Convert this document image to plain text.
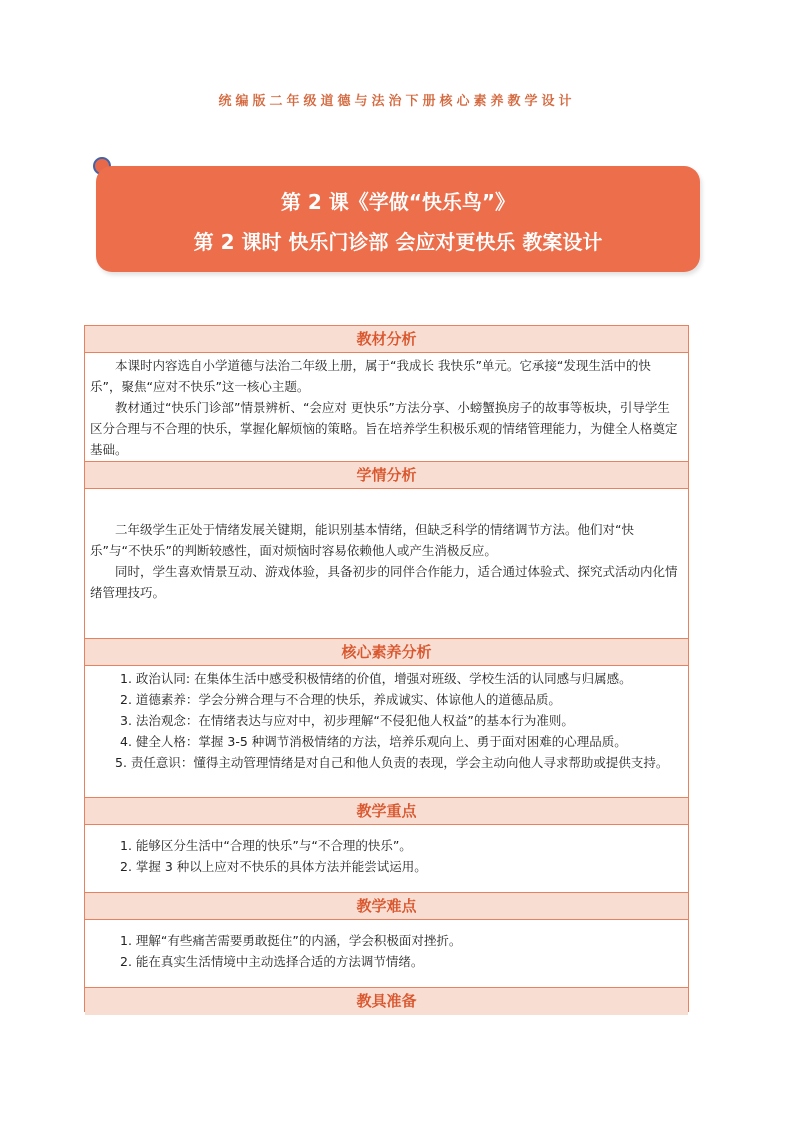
统编版二年级道德与法治下册核心素养教学设计
第 2 课《学做“快乐鸟”》
第 2 课时 快乐门诊部 会应对更快乐 教案设计
教材分析

本课时内容选自小学道德与法治二年级上册，属于“我成长 我快乐”单元。它承接“发现生活中的快乐”，聚焦“应对不快乐”这一核心主题。

教材通过“快乐门诊部”情景辨析、“会应对 更快乐”方法分享、小螃蟹换房子的故事等板块，引导学生区分合理与不合理的快乐，掌握化解烦恼的策略。旨在培养学生积极乐观的情绪管理能力，为健全人格奠定基础。

学情分析

二年级学生正处于情绪发展关键期，能识别基本情绪，但缺乏科学的情绪调节方法。他们对“快乐”与“不快乐”的判断较感性，面对烦恼时容易依赖他人或产生消极反应。

同时，学生喜欢情景互动、游戏体验，具备初步的同伴合作能力，适合通过体验式、探究式活动内化情绪管理技巧。

核心素养分析

1. 政治认同: 在集体生活中感受积极情绪的价值，增强对班级、学校生活的认同感与归属感。

2. 道德素养：学会分辨合理与不合理的快乐，养成诚实、体谅他人的道德品质。

3. 法治观念：在情绪表达与应对中，初步理解“不侵犯他人权益”的基本行为准则。

4. 健全人格：掌握 3-5 种调节消极情绪的方法，培养乐观向上、勇于面对困难的心理品质。

5. 责任意识：懂得主动管理情绪是对自己和他人负责的表现，学会主动向他人寻求帮助或提供支持。

教学重点

1. 能够区分生活中“合理的快乐”与“不合理的快乐”。

2. 掌握 3 种以上应对不快乐的具体方法并能尝试运用。

教学难点

1. 理解“有些痛苦需要勇敢挺住”的内涵，学会积极面对挫折。

2. 能在真实生活情境中主动选择合适的方法调节情绪。

教具准备
